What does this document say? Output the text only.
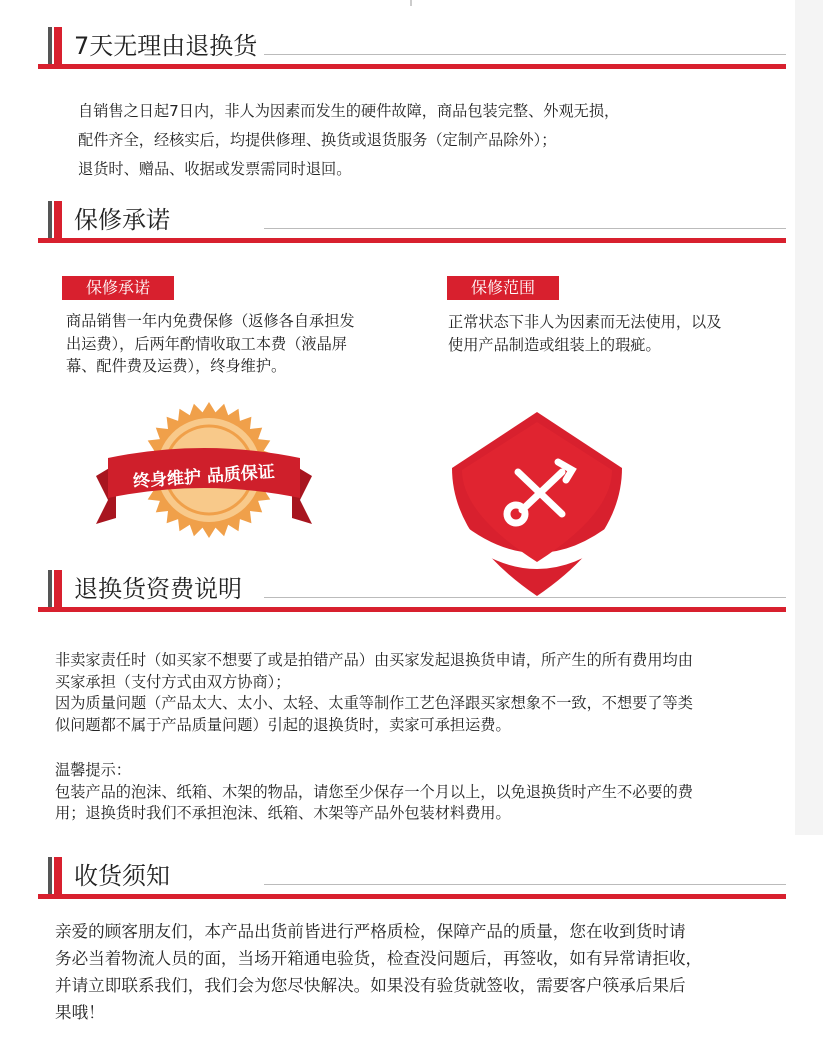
7天无理由退换货

自销售之日起7日内，非人为因素而发生的硬件故障，商品包装完整、外观无损，

配件齐全，经核实后，均提供修理、换货或退货服务（定制产品除外）；

退货时、赠品、收据或发票需同时退回。

保修承诺
保修承诺

商品销售一年内免费保修（返修各自承担发

出运费），后两年酌情收取工本费（液晶屏

幕、配件费及运费），终身维护。

保修范围

正常状态下非人为因素而无法使用，以及

使用产品制造或组装上的瑕疵。

终身维护 品质保证
退换货资费说明

非卖家责任时（如买家不想要了或是拍错产品）由买家发起退换货申请，所产生的所有费用均由

买家承担（支付方式由双方协商）；

因为质量问题（产品太大、太小、太轻、太重等制作工艺色泽跟买家想象不一致，不想要了等类

似问题都不属于产品质量问题）引起的退换货时，卖家可承担运费。

温馨提示：

包装产品的泡沫、纸箱、木架的物品，请您至少保存一个月以上，以免退换货时产生不必要的费

用；退换货时我们不承担泡沫、纸箱、木架等产品外包装材料费用。

收货须知

亲爱的顾客朋友们，本产品出货前皆进行严格质检，保障产品的质量，您在收到货时请

务必当着物流人员的面，当场开箱通电验货，检查没问题后，再签收，如有异常请拒收，

并请立即联系我们，我们会为您尽快解决。如果没有验货就签收，需要客户筷承后果后

果哦！
